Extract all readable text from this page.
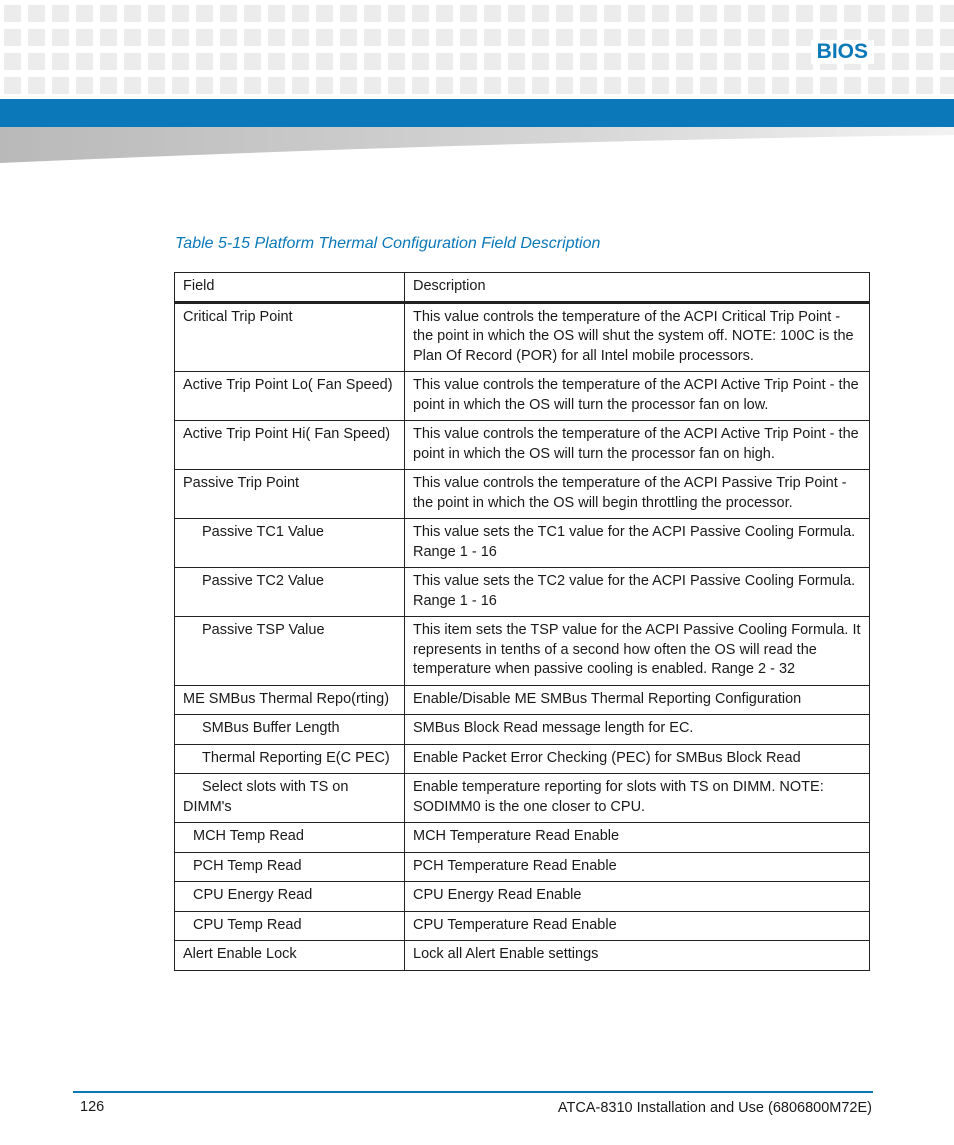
BIOS
Table 5-15 Platform Thermal Configuration Field Description
Field	Description
Critical Trip Point	This value controls the temperature of the ACPI Critical Trip Point - the point in which the OS will shut the system off. NOTE: 100C is the Plan Of Record (POR) for all Intel mobile processors.
Active Trip Point Lo( Fan Speed)	This value controls the temperature of the ACPI Active Trip Point - the point in which the OS will turn the processor fan on low.
Active Trip Point Hi( Fan Speed)	This value controls the temperature of the ACPI Active Trip Point - the point in which the OS will turn the processor fan on high.
Passive Trip Point	This value controls the temperature of the ACPI Passive Trip Point - the point in which the OS will begin throttling the processor.
Passive TC1 Value	This value sets the TC1 value for the ACPI Passive Cooling Formula. Range 1 - 16
Passive TC2 Value	This value sets the TC2 value for the ACPI Passive Cooling Formula. Range 1 - 16
Passive TSP Value	This item sets the TSP value for the ACPI Passive Cooling Formula. It represents in tenths of a second how often the OS will read the temperature when passive cooling is enabled. Range 2 - 32
ME SMBus Thermal Repo(rting)	Enable/Disable ME SMBus Thermal Reporting Configuration
SMBus Buffer Length	SMBus Block Read message length for EC.
Thermal Reporting E(C PEC)	Enable Packet Error Checking (PEC) for SMBus Block Read

Select slots with TS on DIMM's	Enable temperature reporting for slots with TS on DIMM. NOTE: SODIMM0 is the one closer to CPU.
MCH Temp Read	MCH Temperature Read Enable
PCH Temp Read	PCH Temperature Read Enable
CPU Energy Read	CPU Energy Read Enable
CPU Temp Read	CPU Temperature Read Enable
Alert Enable Lock	Lock all Alert Enable settings
126	ATCA-8310 Installation and Use (6806800M72E)
